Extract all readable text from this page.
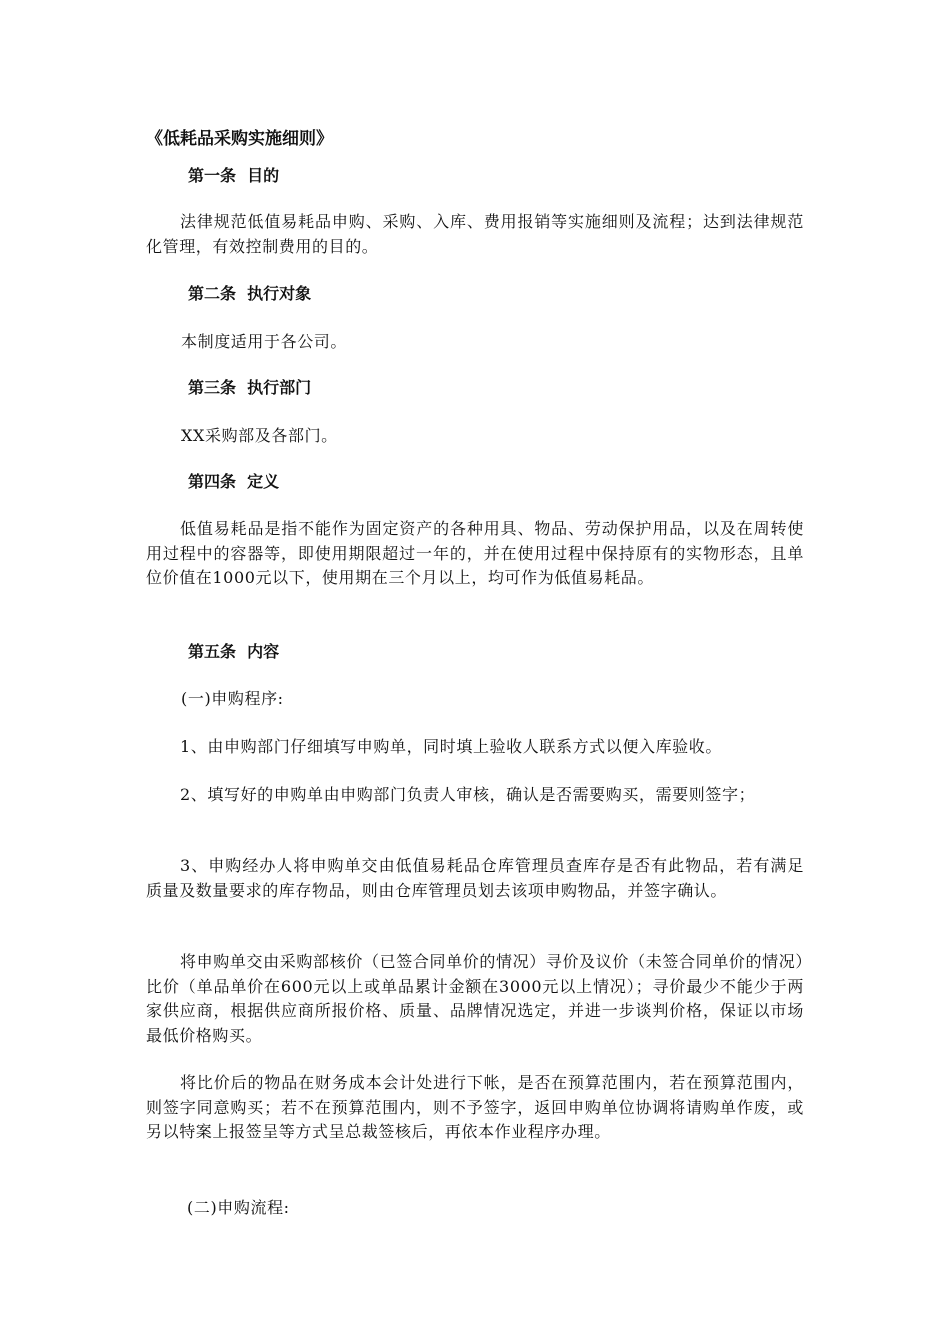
《低耗品采购实施细则》

第一条  目的

法律规范低值易耗品申购、采购、入库、费用报销等实施细则及流程；达到法律规范化管理，有效控制费用的目的。

第二条  执行对象

本制度适用于各公司。

第三条  执行部门

XX采购部及各部门。

第四条  定义

低值易耗品是指不能作为固定资产的各种用具、物品、劳动保护用品，以及在周转使用过程中的容器等，即使用期限超过一年的，并在使用过程中保持原有的实物形态，且单位价值在1000元以下，使用期在三个月以上，均可作为低值易耗品。

第五条  内容

(一)申购程序:

1、由申购部门仔细填写申购单，同时填上验收人联系方式以便入库验收。

2、填写好的申购单由申购部门负责人审核，确认是否需要购买，需要则签字；

3、申购经办人将申购单交由低值易耗品仓库管理员查库存是否有此物品，若有满足质量及数量要求的库存物品，则由仓库管理员划去该项申购物品，并签字确认。

将申购单交由采购部核价（已签合同单价的情况）寻价及议价（未签合同单价的情况）比价（单品单价在600元以上或单品累计金额在3000元以上情况）；寻价最少不能少于两家供应商，根据供应商所报价格、质量、品牌情况选定，并进一步谈判价格，保证以市场最低价格购买。

将比价后的物品在财务成本会计处进行下帐，是否在预算范围内，若在预算范围内，则签字同意购买；若不在预算范围内，则不予签字，返回申购单位协调将请购单作废，或另以特案上报签呈等方式呈总裁签核后，再依本作业程序办理。

(二)申购流程:
